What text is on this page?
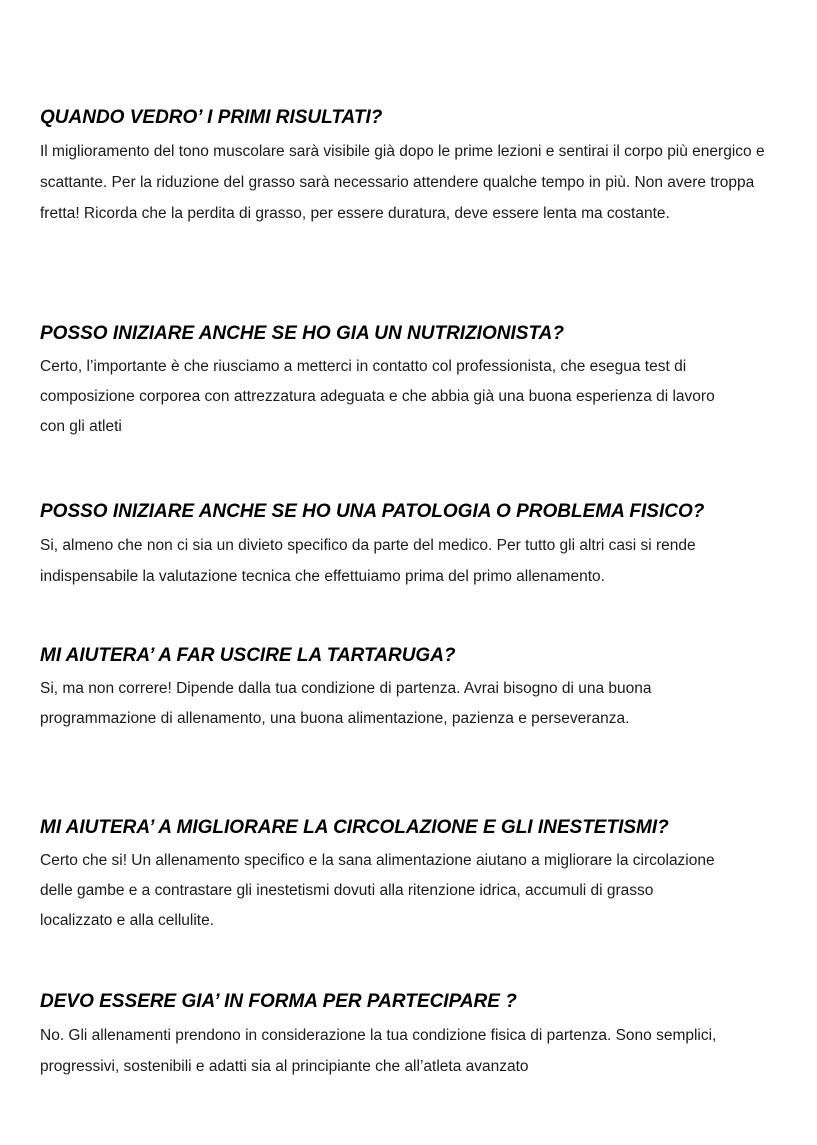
QUANDO VEDRO’ I PRIMI RISULTATI?

Il miglioramento del tono muscolare sarà visibile già dopo le prime lezioni e sentirai il corpo più energico e scattante. Per la riduzione del grasso sarà necessario attendere qualche tempo in più. Non avere troppa fretta! Ricorda che la perdita di grasso, per essere duratura, deve essere lenta ma costante.

POSSO INIZIARE ANCHE SE HO GIA UN NUTRIZIONISTA?

Certo, l’importante è che riusciamo a metterci in contatto col professionista, che esegua test di composizione corporea con attrezzatura adeguata e che abbia già una buona esperienza di lavoro con gli atleti

POSSO INIZIARE ANCHE SE HO UNA PATOLOGIA O PROBLEMA FISICO?

Si, almeno che non ci sia un divieto specifico da parte del medico. Per tutto gli altri casi si rende indispensabile la valutazione tecnica che effettuiamo prima del primo allenamento.

MI AIUTERA’ A FAR USCIRE LA TARTARUGA?

Si, ma non correre! Dipende dalla tua condizione di partenza. Avrai bisogno di una buona programmazione di allenamento, una buona alimentazione, pazienza e perseveranza.

MI AIUTERA’ A MIGLIORARE LA CIRCOLAZIONE E GLI INESTETISMI?

Certo che si! Un allenamento specifico e la sana alimentazione aiutano a migliorare la circolazione delle gambe e a contrastare gli inestetismi dovuti alla ritenzione idrica, accumuli di grasso localizzato e alla cellulite.

DEVO ESSERE GIA’ IN FORMA PER PARTECIPARE ?

No. Gli allenamenti prendono in considerazione la tua condizione fisica di partenza. Sono semplici, progressivi, sostenibili e adatti sia al principiante che all’atleta avanzato
